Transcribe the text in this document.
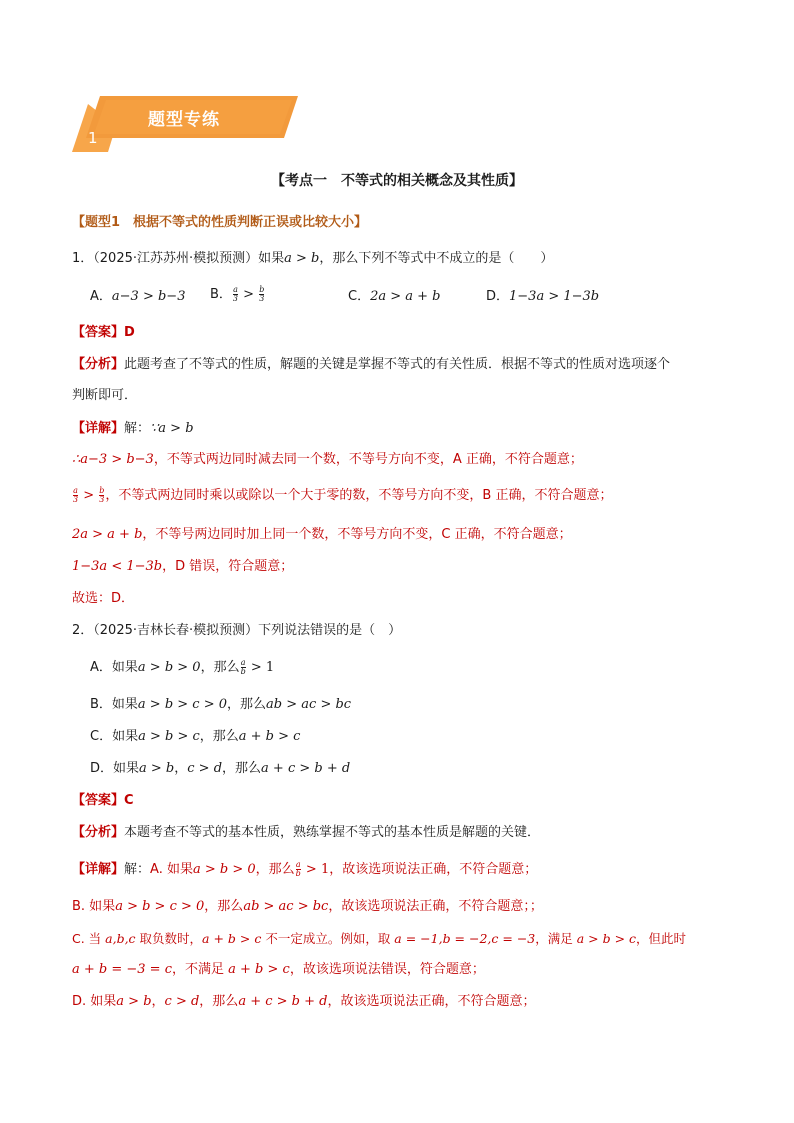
题型专练
1
【考点一　不等式的相关概念及其性质】
【题型1　根据不等式的性质判断正误或比较大小】
1．（2025·江苏苏州·模拟预测）如果a > b，那么下列不等式中不成立的是（　　）
A．a−3 > b−3 B． $\frac{a}{3} > \frac{b}{3}$	C．2a > a + b	D．1−3a > 1−3b
【答案】D
【分析】此题考查了不等式的性质，解题的关键是掌握不等式的有关性质．根据不等式的性质对选项逐个
判断即可．
【详解】解：∵a > b
∴a−3 > b−3，不等式两边同时减去同一个数，不等号方向不变，A 正确，不符合题意；
$\frac{a}{3} > \frac{b}{3}$ ，不等式两边同时乘以或除以一个大于零的数，不等号方向不变，B 正确，不符合题意；
2a > a + b，不等号两边同时加上同一个数，不等号方向不变，C 正确，不符合题意；
1−3a < 1−3b，D 错误，符合题意；
故选：D．
2．（2025·吉林长春·模拟预测）下列说法错误的是（　）
A．如果a > b > 0，那么 $\frac{a}{b} > 1$
B．如果a > b > c > 0，那么ab > ac > bc
C．如果a > b > c，那么a + b > c
D．如果a > b，c > d，那么a + c > b + d
【答案】C
【分析】本题考查不等式的基本性质，熟练掌握不等式的基本性质是解题的关键．
【详解】解：A. 如果a > b > 0，那么 $\frac{a}{b} > 1$，故该选项说法正确，不符合题意；
B. 如果a > b > c > 0，那么ab > ac > bc，故该选项说法正确，不符合题意；；
C. 当 a,b,c 取负数时，a + b > c 不一定成立。例如，取 a = −1,b = −2,c = −3，满足 a > b > c，但此时
a + b = −3 = c，不满足 a + b > c，故该选项说法错误，符合题意；
D. 如果a > b，c > d，那么a + c > b + d，故该选项说法正确，不符合题意；
